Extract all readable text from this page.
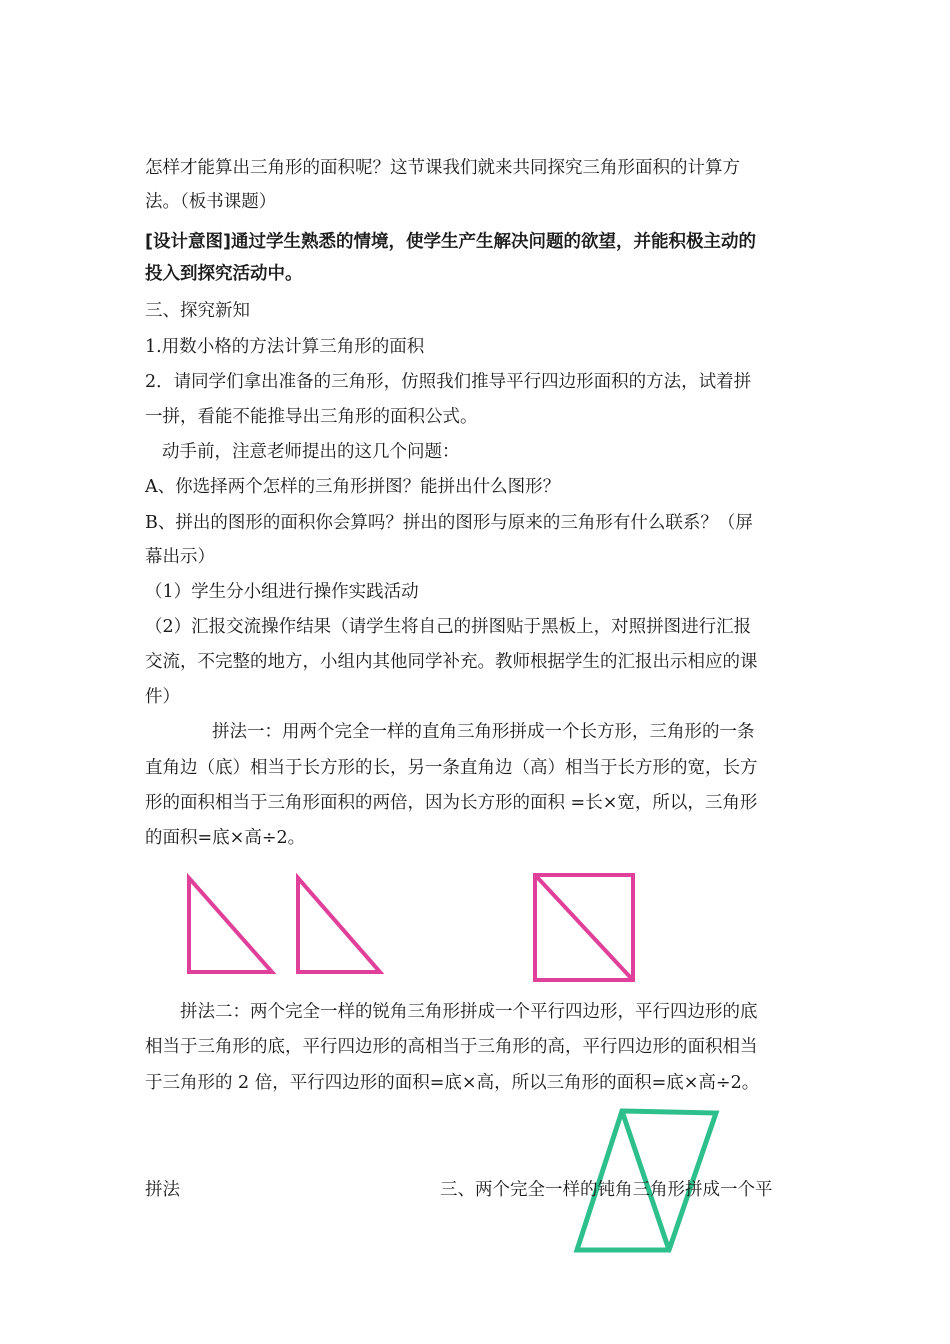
怎样才能算出三角形的面积呢？这节课我们就来共同探究三角形面积的计算方
法。（板书课题）
[设计意图]通过学生熟悉的情境，使学生产生解决问题的欲望，并能积极主动的
投入到探究活动中。
三、探究新知
1.用数小格的方法计算三角形的面积
2．请同学们拿出准备的三角形，仿照我们推导平行四边形面积的方法，试着拼
一拼，看能不能推导出三角形的面积公式。
动手前，注意老师提出的这几个问题：
A、你选择两个怎样的三角形拼图？能拼出什么图形？
B、拼出的图形的面积你会算吗？拼出的图形与原来的三角形有什么联系？（屏
幕出示）
（1）学生分小组进行操作实践活动
（2）汇报交流操作结果（请学生将自己的拼图贴于黑板上，对照拼图进行汇报
交流，不完整的地方，小组内其他同学补充。教师根据学生的汇报出示相应的课
件）
拼法一：用两个完全一样的直角三角形拼成一个长方形，三角形的一条
直角边（底）相当于长方形的长，另一条直角边（高）相当于长方形的宽，长方
形的面积相当于三角形面积的两倍，因为长方形的面积 =长×宽，所以，三角形
的面积=底×高÷2。
拼法二：两个完全一样的锐角三角形拼成一个平行四边形，平行四边形的底
相当于三角形的底，平行四边形的高相当于三角形的高，平行四边形的面积相当
于三角形的 2 倍，平行四边形的面积=底×高，所以三角形的面积=底×高÷2。
拼法	三、两个完全一样的钝角三角形拼成一个平
